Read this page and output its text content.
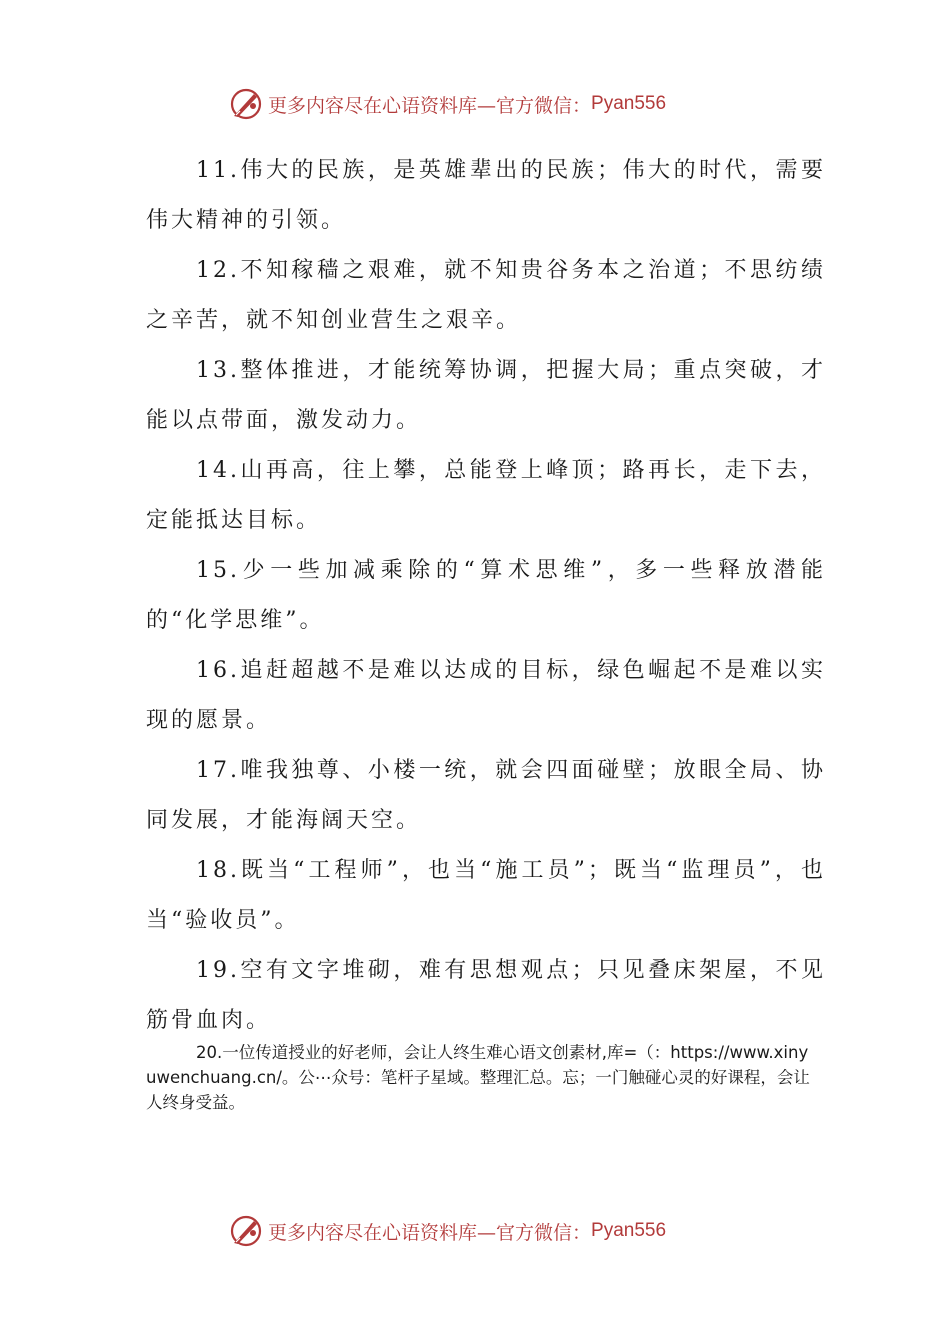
更多内容尽在心语资料库—官方微信： Pyan556

11.伟大的民族，是英雄辈出的民族；伟大的时代，需要伟大精神的引领。

12.不知稼穑之艰难，就不知贵谷务本之治道；不思纺绩之辛苦，就不知创业营生之艰辛。

13.整体推进，才能统筹协调，把握大局；重点突破，才能以点带面，激发动力。

14.山再高，往上攀，总能登上峰顶；路再长，走下去，定能抵达目标。

15.少一些加减乘除的“算术思维”，多一些释放潜能的“化学思维”。

16.追赶超越不是难以达成的目标，绿色崛起不是难以实现的愿景。

17.唯我独尊、小楼一统，就会四面碰壁；放眼全局、协同发展，才能海阔天空。

18.既当“工程师”，也当“施工员”；既当“监理员”，也当“验收员”。

19.空有文字堆砌，难有思想观点；只见叠床架屋，不见筋骨血肉。

20.一位传道授业的好老师，会让人终生难心语文创素材,库=（：https://www.xinyuwenchuang.cn/。公⋯众号：笔杆子星域。整理汇总。忘；一门触碰心灵的好课程，会让人终身受益。

更多内容尽在心语资料库—官方微信： Pyan556
